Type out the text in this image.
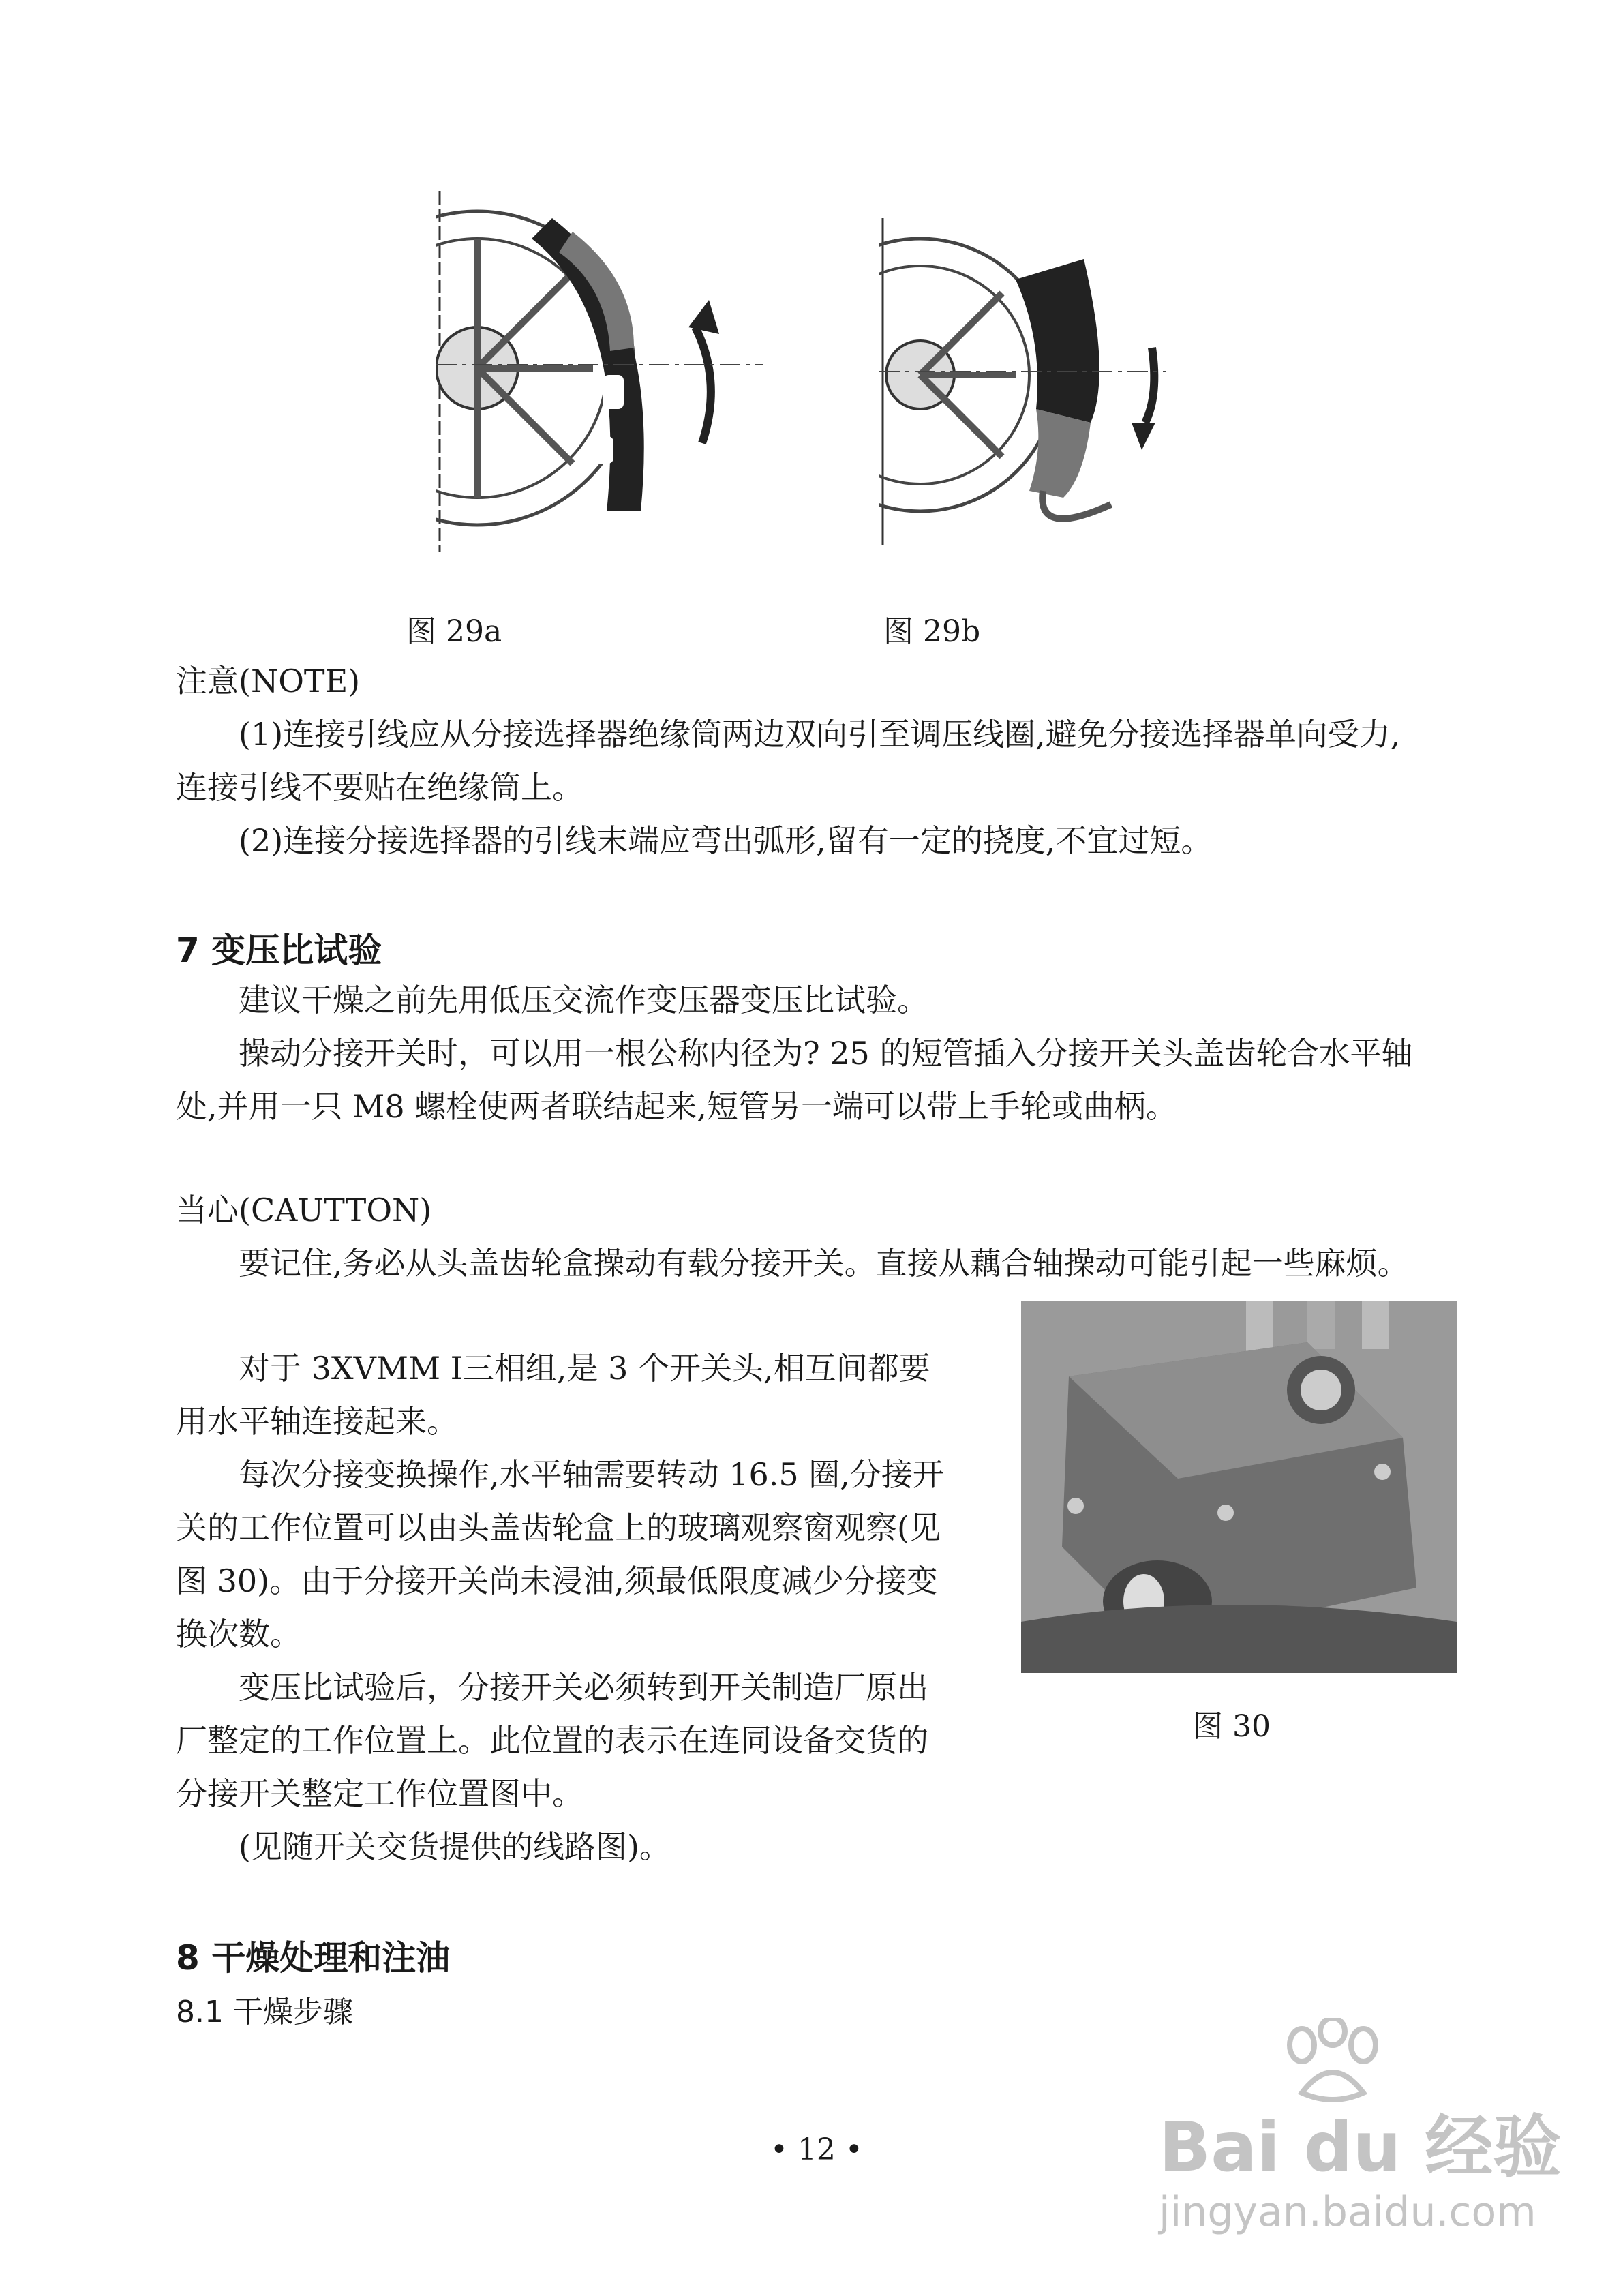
图 29a	图 29b
注意(NOTE)
(1)连接引线应从分接选择器绝缘筒两边双向引至调压线圈,避免分接选择器单向受力,
连接引线不要贴在绝缘筒上。
(2)连接分接选择器的引线末端应弯出弧形,留有一定的挠度,不宜过短。
7 变压比试验
建议干燥之前先用低压交流作变压器变压比试验。
操动分接开关时，可以用一根公称内径为? 25 的短管插入分接开关头盖齿轮合水平轴
处,并用一只 M8 螺栓使两者联结起来,短管另一端可以带上手轮或曲柄。
当心(CAUTTON)
要记住,务必从头盖齿轮盒操动有载分接开关。直接从藕合轴操动可能引起一些麻烦。
对于 3XVMM Ⅰ三相组,是 3 个开关头,相互间都要
用水平轴连接起来。
每次分接变换操作,水平轴需要转动 16.5 圈,分接开
关的工作位置可以由头盖齿轮盒上的玻璃观察窗观察(见
图 30)。由于分接开关尚未浸油,须最低限度减少分接变
换次数。
变压比试验后，分接开关必须转到开关制造厂原出
厂整定的工作位置上。此位置的表示在连同设备交货的
分接开关整定工作位置图中。
(见随开关交货提供的线路图)。
图 30
8 干燥处理和注油
8.1 干燥步骤
• 12 •	Bai du 经验
jingyan.baidu.com
